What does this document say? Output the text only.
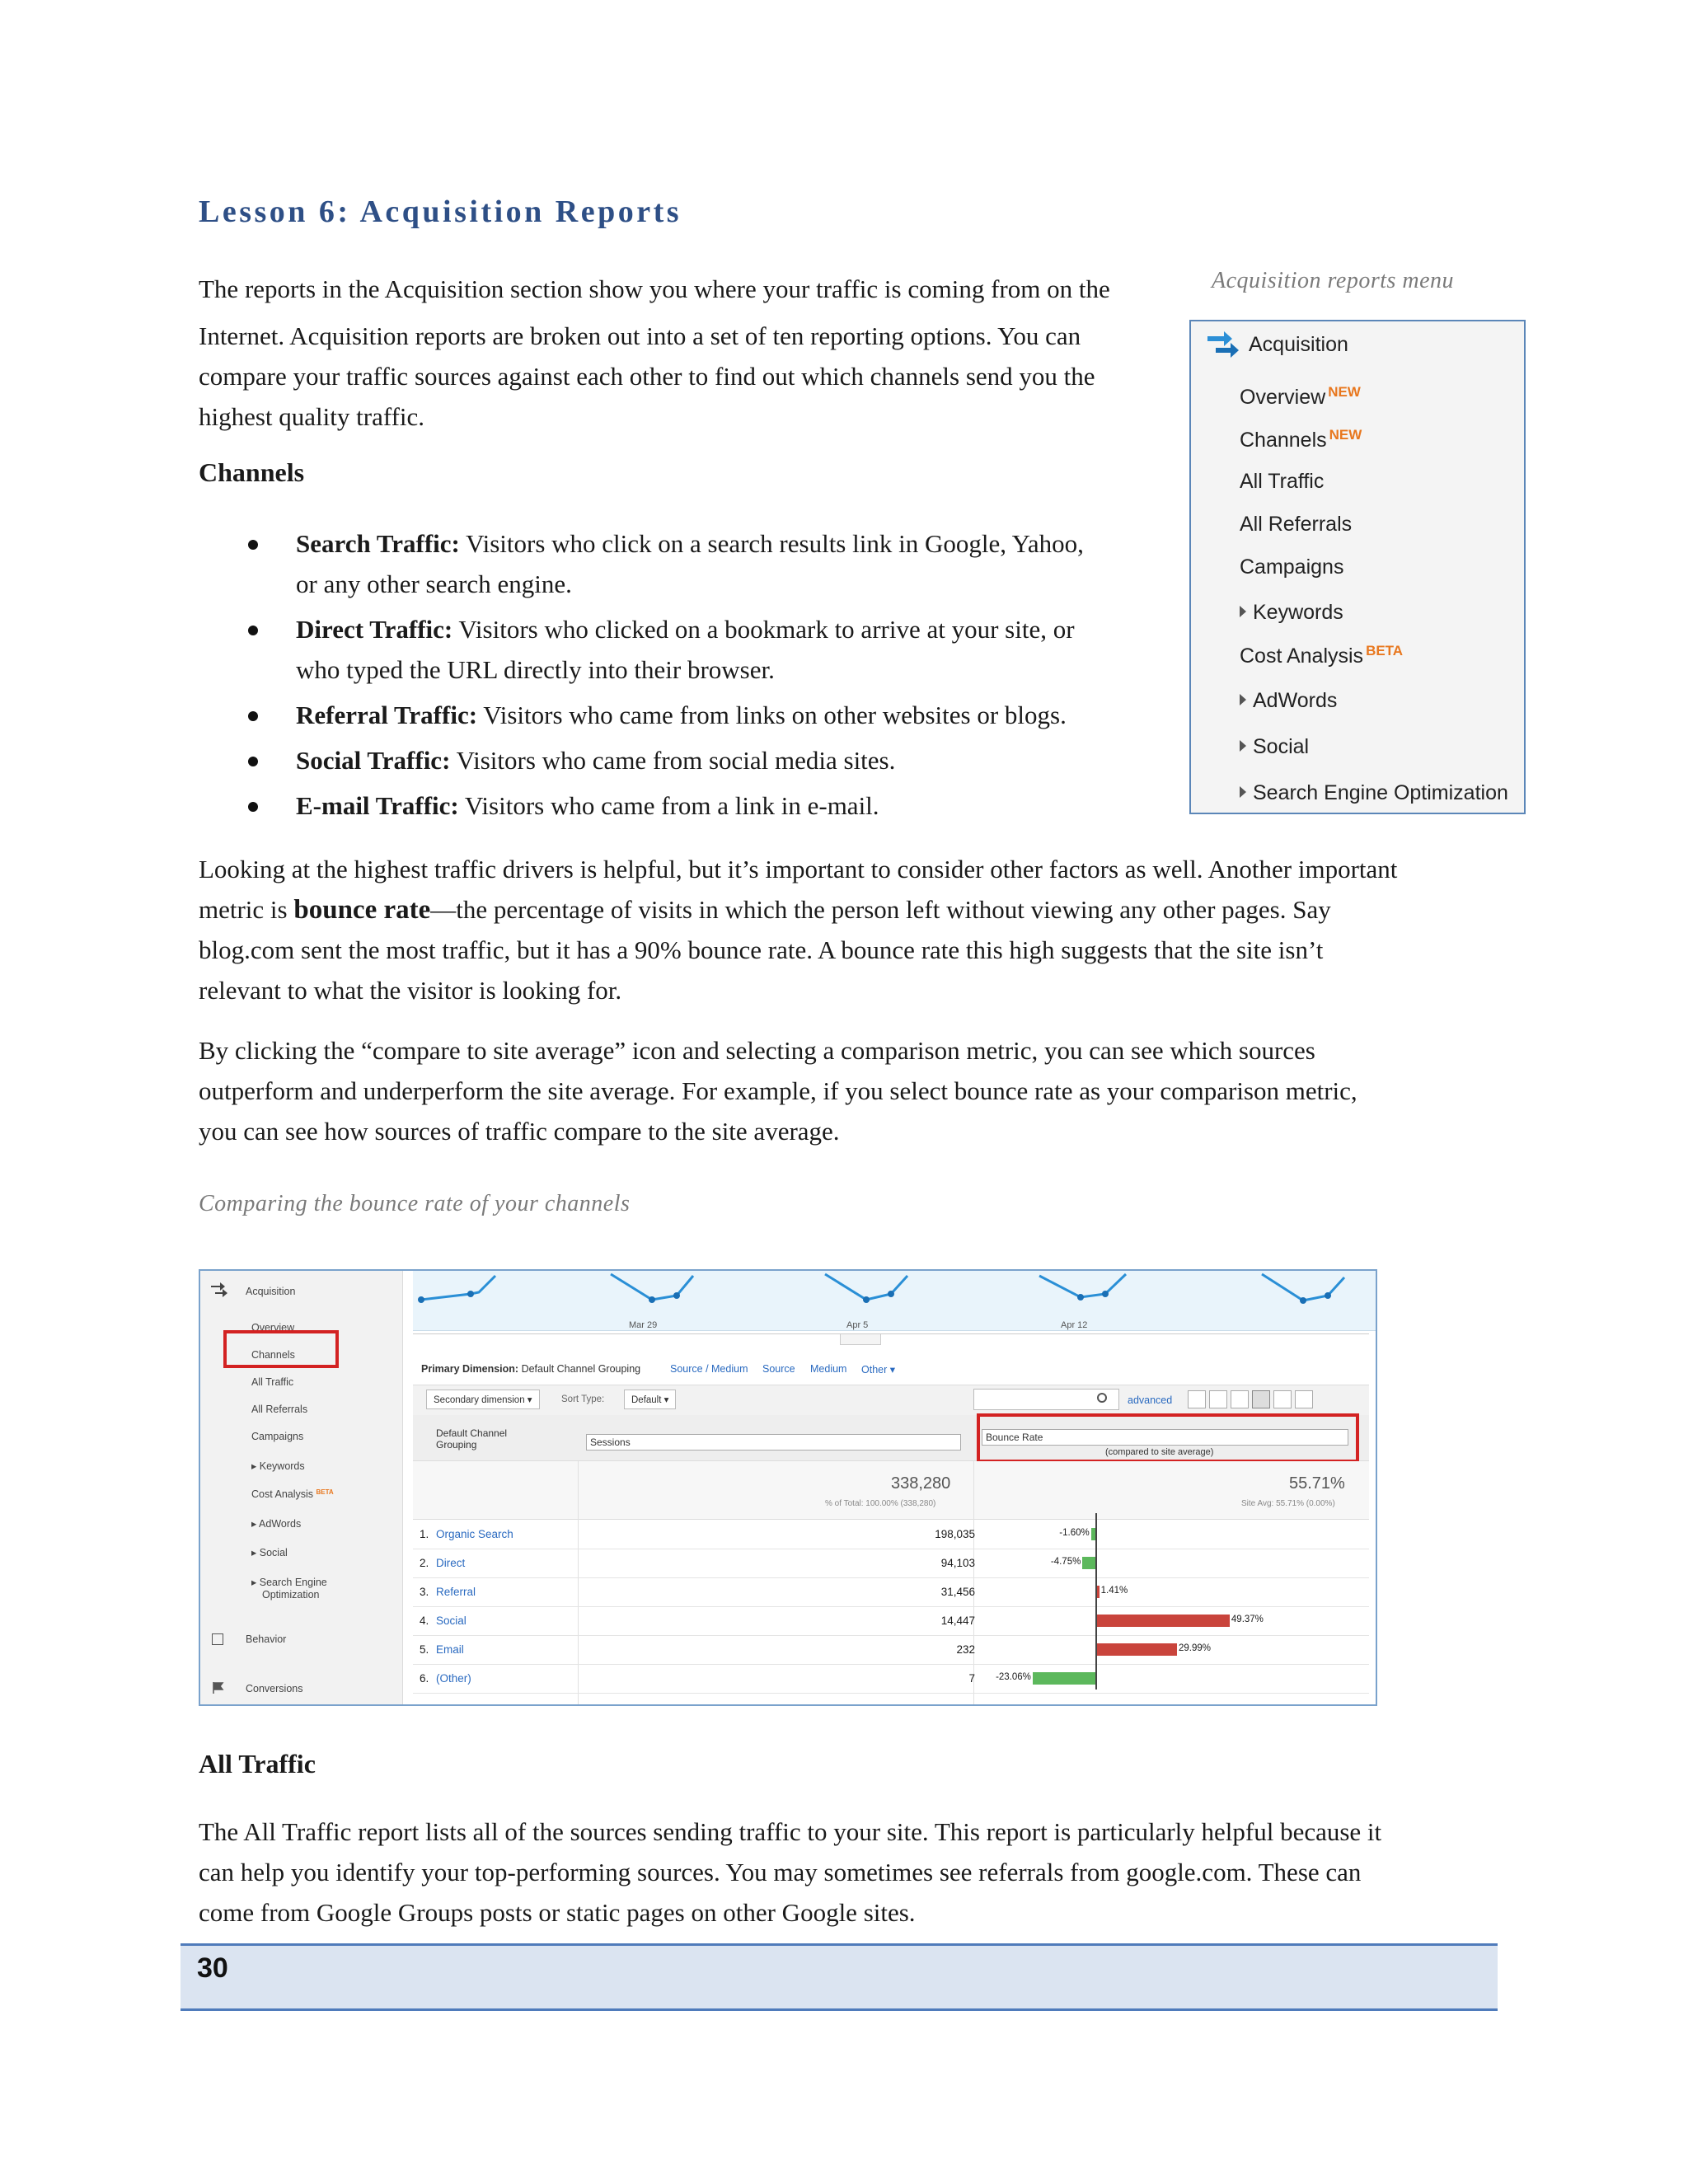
Lesson 6: Acquisition Reports
The reports in the Acquisition section show you where your traffic is coming from on the
Internet. Acquisition reports are broken out into a set of ten reporting options. You can
compare your traffic sources against each other to find out which channels send you the
highest quality traffic.
Acquisition reports menu
Acquisition
Overview $^{NEW}$
Channels $^{NEW}$
All Traffic
All Referrals
Campaigns
Keywords
Cost Analysis $^{BETA}$
AdWords
Social
Search Engine Optimization
Channels
Search Traffic: Visitors who click on a search results link in Google, Yahoo,
or any other search engine.
Direct Traffic: Visitors who clicked on a bookmark to arrive at your site, or
who typed the URL directly into their browser.
Referral Traffic: Visitors who came from links on other websites or blogs.
Social Traffic: Visitors who came from social media sites.
E-mail Traffic: Visitors who came from a link in e-mail.
Looking at the highest traffic drivers is helpful, but it’s important to consider other factors as well. Another important
metric is bounce rate—the percentage of visits in which the person left without viewing any other pages. Say
blog.com sent the most traffic, but it has a 90% bounce rate. A bounce rate this high suggests that the site isn’t
relevant to what the visitor is looking for.
By clicking the “compare to site average” icon and selecting a comparison metric, you can see which sources
outperform and underperform the site average. For example, if you select bounce rate as your comparison metric,
you can see how sources of traffic compare to the site average.
Comparing the bounce rate of your channels
Acquisition
Overview
Channels
All Traffic
All Referrals
Campaigns
▸ Keywords
Cost Analysis $^{BETA}$
▸ AdWords
▸ Social
▸ Search Engine
Optimization
Behavior
Conversions
Mar 29	Apr 5	Apr 12
Primary Dimension: Default Channel Grouping	Source / Medium Source Medium Other ▾
Secondary dimension ▾	Sort Type:	Default ▾	advanced
Default Channel
Grouping	Sessions	Bounce Rate
(compared to site average)
338,280
% of Total: 100.00% (338,280)
55.71%
Site Avg: 55.71% (0.00%)
1. Organic Search	198,035	-1.60%
2. Direct	94,103	-4.75%
3. Referral	31,456	1.41%
4. Social	14,447	49.37%
5. Email	232	29.99%
6. (Other)	7 -23.06%
All Traffic
The All Traffic report lists all of the sources sending traffic to your site. This report is particularly helpful because it
can help you identify your top-performing sources. You may sometimes see referrals from google.com. These can
come from Google Groups posts or static pages on other Google sites.
30
